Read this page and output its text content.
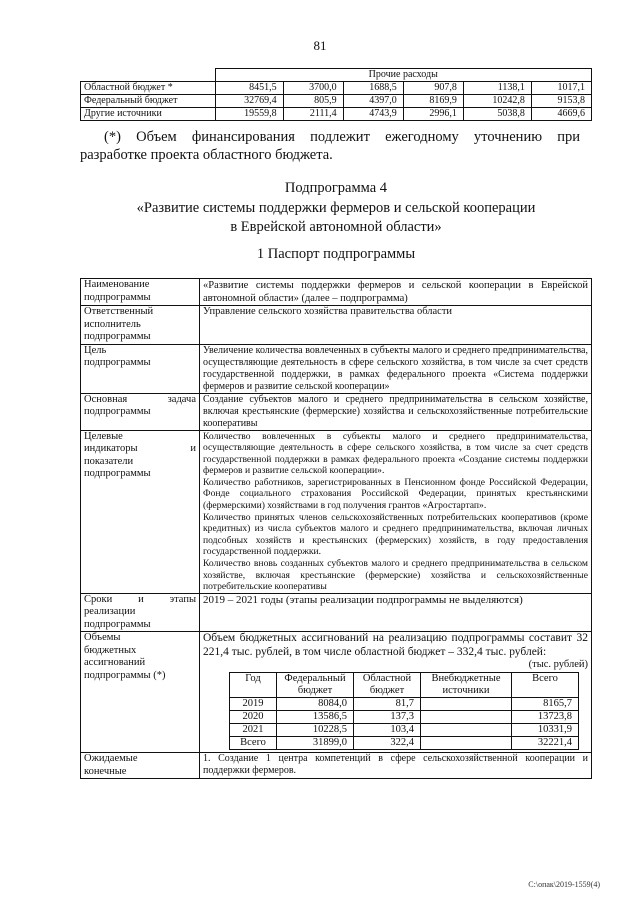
81
	Прочие расходы					
Областной бюджет *	8451,5	3700,0	1688,5	907,8	1138,1	1017,1
Федеральный бюджет	32769,4	805,9	4397,0	8169,9	10242,8	9153,8
Другие источники	19559,8	2111,4	4743,9	2996,1	5038,8	4669,6

(*) Объем финансирования подлежит ежегодному уточнению при разработке проекта областного бюджета.

Подпрограмма 4
«Развитие системы поддержки фермеров и сельской кооперации
в Еврейской автономной области»
1 Паспорт подпрограммы
Наименование
подпрограммы
	«Развитие системы поддержки фермеров и сельской кооперации в Еврейской автономной области» (далее – подпрограмма)

Ответственный
исполнитель
подпрограммы
	Управление сельского хозяйства правительства области

Цель
подпрограммы
	Увеличение количества вовлеченных в субъекты малого и среднего предпринимательства, осуществляющие деятельность в сфере сельского хозяйства, в том числе за счет средств государственной поддержки, в рамках федерального проекта «Система поддержки фермеров и развитие сельской кооперации»

Основная	задача
подпрограммы
	Создание субъектов малого и среднего предпринимательства в сельском хозяйстве, включая крестьянские (фермерские) хозяйства и сельскохозяйственные потребительские кооперативы

Целевые
индикаторы	и
показатели
подпрограммы

Количество вовлеченных в субъекты малого и среднего предпринимательства, осуществляющие деятельность в сфере сельского хозяйства, в том числе за счет средств государственной поддержки в рамках федерального проекта «Создание системы поддержки фермеров и развитие сельской кооперации».

Количество работников, зарегистрированных в Пенсионном фонде Российской Федерации, Фонде социального страхования Российской Федерации, принятых крестьянскими (фермерскими) хозяйствами в год получения грантов «Агростартап».

Количество принятых членов сельскохозяйственных потребительских кооперативов (кроме кредитных) из числа субъектов малого и среднего предпринимательства, включая личных подсобных хозяйств и крестьянских (фермерских) хозяйств, в году предоставления государственной поддержки.

Количество вновь созданных субъектов малого и среднего предпринимательства в сельском хозяйстве, включая крестьянские (фермерские) хозяйства и сельскохозяйственные потребительские кооперативы

Сроки и этапы
реализации
подпрограммы
	2019 – 2021 годы (этапы реализации подпрограммы не выделяются)

Объемы
бюджетных
ассигнований
подпрограммы (*)

Объем бюджетных ассигнований на реализацию подпрограммы составит 32 221,4 тыс. рублей, в том числе областной бюджет – 332,4 тыс. рублей:
(тыс. рублей)
Год	Федеральный бюджет	Областной бюджет	Внебюджетные источники	Всего
2019	8084,0	81,7		8165,7
2020	13586,5	137,3		13723,8
2021	10228,5	103,4		10331,9
Всего	31899,0	322,4		32221,4

Ожидаемые
конечные
	1. Создание 1 центра компетенций в сфере сельскохозяйственной кооперации и поддержки фермеров.
С:\опак\2019-1559(4)
